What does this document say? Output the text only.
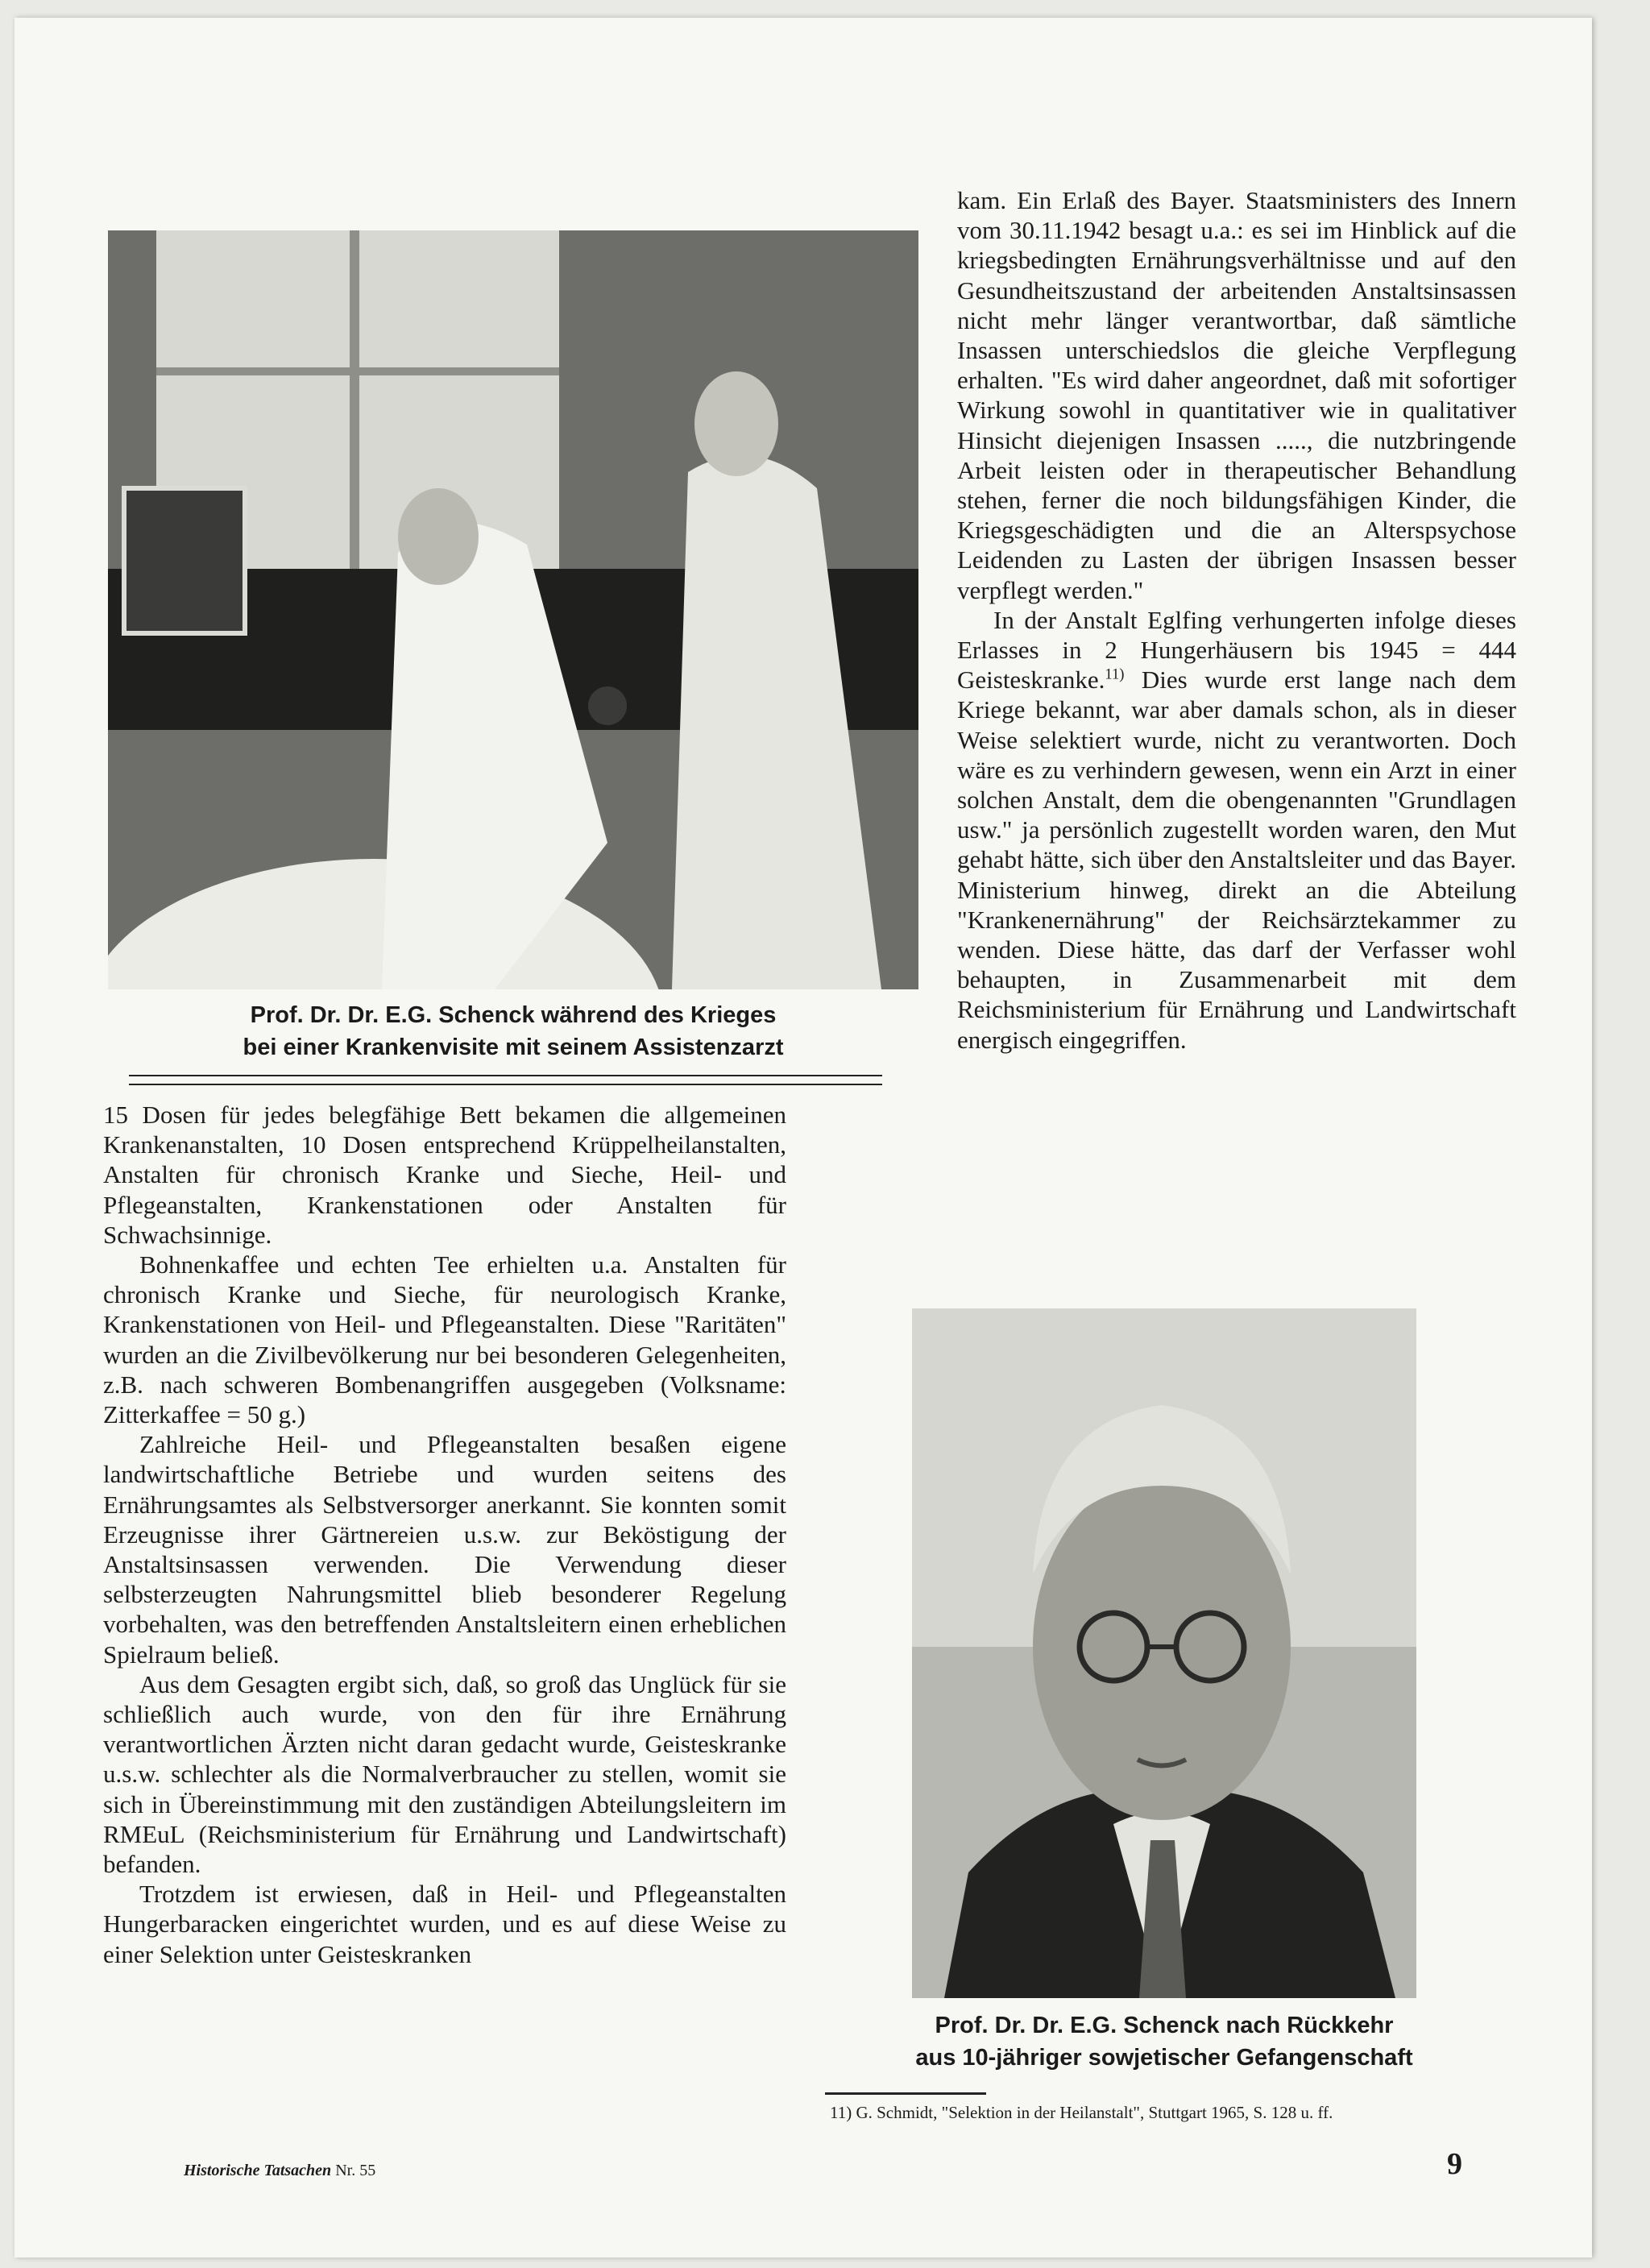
Prof. Dr. Dr. E.G. Schenck während des Krieges
bei einer Krankenvisite mit seinem Assistenzarzt

15 Dosen für jedes belegfähige Bett bekamen die allgemeinen Krankenanstalten, 10 Dosen entsprechend Krüppelheilanstalten, Anstalten für chronisch Kranke und Sieche, Heil- und Pflegeanstalten, Krankenstationen oder Anstalten für Schwachsinnige.

Bohnenkaffee und echten Tee erhielten u.a. Anstalten für chronisch Kranke und Sieche, für neurologisch Kranke, Krankenstationen von Heil- und Pflegeanstalten. Diese "Raritäten" wurden an die Zivilbevölkerung nur bei besonderen Gelegenheiten, z.B. nach schweren Bombenangriffen ausgegeben (Volksname: Zitterkaffee = 50 g.)

Zahlreiche Heil- und Pflegeanstalten besaßen eigene landwirtschaftliche Betriebe und wurden seitens des Ernährungsamtes als Selbstversorger anerkannt. Sie konnten somit Erzeugnisse ihrer Gärtnereien u.s.w. zur Beköstigung der Anstaltsinsassen verwenden. Die Verwendung dieser selbsterzeugten Nahrungsmittel blieb besonderer Regelung vorbehalten, was den betreffenden Anstaltsleitern einen erheblichen Spielraum beließ.

Aus dem Gesagten ergibt sich, daß, so groß das Unglück für sie schließlich auch wurde, von den für ihre Ernährung verantwortlichen Ärzten nicht daran gedacht wurde, Geisteskranke u.s.w. schlechter als die Normalverbraucher zu stellen, womit sie sich in Übereinstimmung mit den zuständigen Abteilungsleitern im RMEuL (Reichsministerium für Ernährung und Landwirtschaft) befanden.

Trotzdem ist erwiesen, daß in Heil- und Pflegeanstalten Hungerbaracken eingerichtet wurden, und es auf diese Weise zu einer Selektion unter Geisteskranken

kam. Ein Erlaß des Bayer. Staatsministers des Innern vom 30.11.1942 besagt u.a.: es sei im Hinblick auf die kriegsbedingten Ernährungsverhältnisse und auf den Gesundheitszustand der arbeitenden Anstaltsinsassen nicht mehr länger verantwortbar, daß sämtliche Insassen unterschiedslos die gleiche Verpflegung erhalten. "Es wird daher angeordnet, daß mit sofortiger Wirkung sowohl in quantitativer wie in qualitativer Hinsicht diejenigen Insassen ....., die nutzbringende Arbeit leisten oder in therapeutischer Behandlung stehen, ferner die noch bildungsfähigen Kinder, die Kriegsgeschädigten und die an Alterspsychose Leidenden zu Lasten der übrigen Insassen besser verpflegt werden."

In der Anstalt Eglfing verhungerten infolge dieses Erlasses in 2 Hungerhäusern bis 1945 = 444 Geisteskranke.$^{11)}$ Dies wurde erst lange nach dem Kriege bekannt, war aber damals schon, als in dieser Weise selektiert wurde, nicht zu verantworten. Doch wäre es zu verhindern gewesen, wenn ein Arzt in einer solchen Anstalt, dem die obengenannten "Grundlagen usw." ja persönlich zugestellt worden waren, den Mut gehabt hätte, sich über den Anstaltsleiter und das Bayer. Ministerium hinweg, direkt an die Abteilung "Krankenernährung" der Reichsärztekammer zu wenden. Diese hätte, das darf der Verfasser wohl behaupten, in Zusammenarbeit mit dem Reichsministerium für Ernährung und Landwirtschaft energisch eingegriffen.

Prof. Dr. Dr. E.G. Schenck nach Rückkehr
aus 10-jähriger sowjetischer Gefangenschaft
11) G. Schmidt, "Selektion in der Heilanstalt", Stuttgart 1965, S. 128 u. ff.
Historische Tatsachen Nr. 55	9
